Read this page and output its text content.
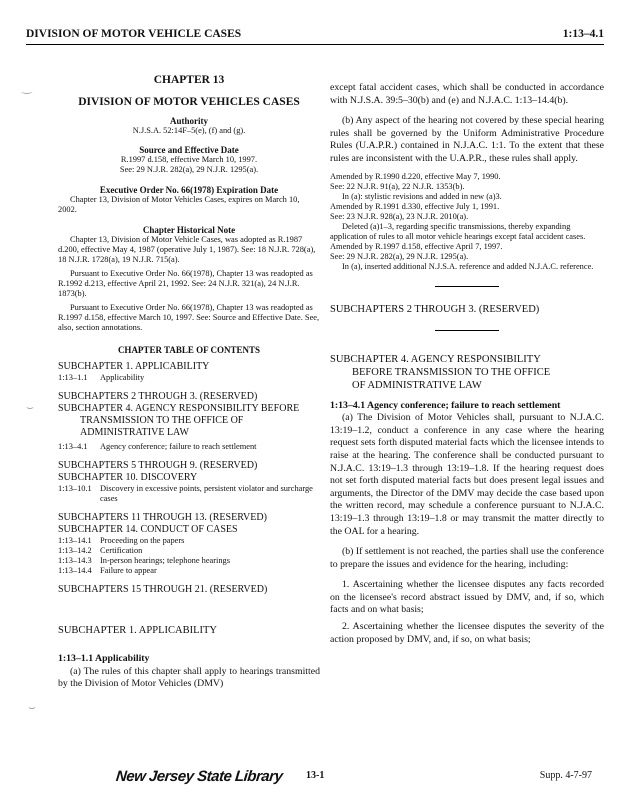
DIVISION OF MOTOR VEHICLE CASES	1:13–4.1
CHAPTER 13
DIVISION OF MOTOR VEHICLES CASES
Authority
N.J.S.A. 52:14F–5(e), (f) and (g).
Source and Effective Date
R.1997 d.158, effective March 10, 1997.
See: 29 N.J.R. 282(a), 29 N.J.R. 1295(a).
Executive Order No. 66(1978) Expiration Date
Chapter 13, Division of Motor Vehicles Cases, expires on March 10, 2002.
Chapter Historical Note
Chapter 13, Division of Motor Vehicle Cases, was adopted as R.1987 d.200, effective May 4, 1987 (operative July 1, 1987). See: 18 N.J.R. 728(a), 18 N.J.R. 1728(a), 19 N.J.R. 715(a).
Pursuant to Executive Order No. 66(1978), Chapter 13 was readopted as R.1992 d.213, effective April 21, 1992. See: 24 N.J.R. 321(a), 24 N.J.R. 1873(b).
Pursuant to Executive Order No. 66(1978), Chapter 13 was readopted as R.1997 d.158, effective March 10, 1997. See: Source and Effective Date. See, also, section annotations.
CHAPTER TABLE OF CONTENTS
SUBCHAPTER 1. APPLICABILITY
1:13–1.1	Applicability
SUBCHAPTERS 2 THROUGH 3. (RESERVED)
SUBCHAPTER 4. AGENCY RESPONSIBILITY BEFORE
TRANSMISSION TO THE OFFICE OF
ADMINISTRATIVE LAW
1:13–4.1	Agency conference; failure to reach settlement
SUBCHAPTERS 5 THROUGH 9. (RESERVED)
SUBCHAPTER 10. DISCOVERY
1:13–10.1 Discovery in excessive points, persistent violator and surcharge cases
SUBCHAPTERS 11 THROUGH 13. (RESERVED)
SUBCHAPTER 14. CONDUCT OF CASES
1:13–14.1 Proceeding on the papers
1:13–14.2 Certification
1:13–14.3 In-person hearings; telephone hearings
1:13–14.4 Failure to appear
SUBCHAPTERS 15 THROUGH 21. (RESERVED)
SUBCHAPTER 1. APPLICABILITY
1:13–1.1 Applicability
(a) The rules of this chapter shall apply to hearings transmitted by the Division of Motor Vehicles (DMV)
except fatal accident cases, which shall be conducted in accordance with N.J.S.A. 39:5–30(b) and (e) and N.J.A.C. 1:13–14.4(b).
(b) Any aspect of the hearing not covered by these special hearing rules shall be governed by the Uniform Administrative Procedure Rules (U.A.P.R.) contained in N.J.A.C. 1:1. To the extent that these rules are inconsistent with the U.A.P.R., these rules shall apply.
Amended by R.1990 d.220, effective May 7, 1990.
See: 22 N.J.R. 91(a), 22 N.J.R. 1353(b).
In (a): stylistic revisions and added in new (a)3.
Amended by R.1991 d.330, effective July 1, 1991.
See: 23 N.J.R. 928(a), 23 N.J.R. 2010(a).
Deleted (a)1–3, regarding specific transmissions, thereby expanding application of rules to all motor vehicle hearings except fatal accident cases.
Amended by R.1997 d.158, effective April 7, 1997.
See: 29 N.J.R. 282(a), 29 N.J.R. 1295(a).
In (a), inserted additional N.J.S.A. reference and added N.J.A.C. reference.
SUBCHAPTERS 2 THROUGH 3. (RESERVED)
SUBCHAPTER 4. AGENCY RESPONSIBILITY
BEFORE TRANSMISSION TO THE OFFICE
OF ADMINISTRATIVE LAW
1:13–4.1 Agency conference; failure to reach settlement
(a) The Division of Motor Vehicles shall, pursuant to N.J.A.C. 13:19–1.2, conduct a conference in any case where the hearing request sets forth disputed material facts which the licensee intends to raise at the hearing. The conference shall be conducted pursuant to N.J.A.C. 13:19–1.3 through 13:19–1.8. If the hearing request does not set forth disputed material facts but does present legal issues and arguments, the Director of the DMV may decide the case based upon the written record, may schedule a conference pursuant to N.J.A.C. 13:19–1.3 through 13:19–1.8 or may transmit the matter directly to the OAL for a hearing.
(b) If settlement is not reached, the parties shall use the conference to prepare the issues and evidence for the hearing, including:
1. Ascertaining whether the licensee disputes any facts recorded on the licensee's record abstract issued by DMV, and, if so, which facts and on what basis;
2. Ascertaining whether the licensee disputes the severity of the action proposed by DMV, and, if so, on what basis;
‿
⌣
⌣
New Jersey State Library 13-1	Supp. 4-7-97
